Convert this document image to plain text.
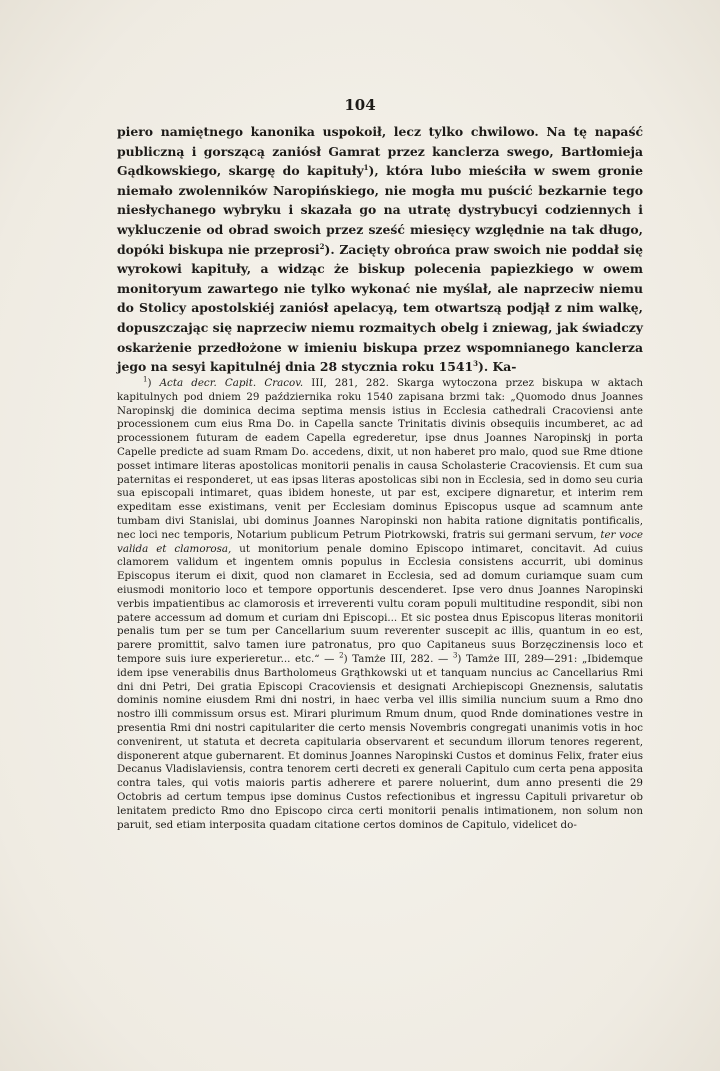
104
piero namiętnego kanonika uspokoił, lecz tylko chwilowo. Na tę napaść publiczną i gorszącą zaniósł Gamrat przez kanclerza swego, Bartłomieja Gądkowskiego, skargę do kapituły$^1$), która lubo mieściła w swem gronie niemało zwolenników Naropińskiego, nie mogła mu puścić bezkarnie tego niesłychanego wybryku i skazała go na utratę dystrybucyi codziennych i wykluczenie od obrad swoich przez sześć miesięcy względnie na tak długo, dopóki biskupa nie przeprosi$^2$). Zacięty obrońca praw swoich nie poddał się wyrokowi kapituły, a widząc że biskup polecenia papiezkiego w owem monitoryum zawartego nie tylko wykonać nie myślał, ale naprzeciw niemu do Stolicy apostolskiéj zaniósł apelacyą, tem otwartszą podjął z nim walkę, dopuszczając się naprzeciw niemu rozmaitych obelg i zniewag, jak świadczy oskarżenie przedłożone w imieniu biskupa przez wspomnianego kanclerza jego na sesyi kapitulnéj dnia 28 stycznia roku 1541$^3$). Ka-
$^1$) Acta decr. Capit. Cracov. III, 281, 282. Skarga wytoczona przez biskupa w aktach kapitulnych pod dniem 29 października roku 1540 zapisana brzmi tak: „Quomodo dnus Joannes Naropinskj die dominica decima septima mensis istius in Ecclesia cathedrali Cracoviensi ante processionem cum eius Rma Do. in Capella sancte Trinitatis divinis obsequiis incumberet, ac ad processionem futuram de eadem Capella egrederetur, ipse dnus Joannes Naropinskj in porta Capelle predicte ad suam Rmam Do. accedens, dixit, ut non haberet pro malo, quod sue Rme dtione posset intimare literas apostolicas monitorii penalis in causa Scholasterie Cracoviensis. Et cum sua paternitas ei responderet, ut eas ipsas literas apostolicas sibi non in Ecclesia, sed in domo seu curia sua episcopali intimaret, quas ibidem honeste, ut par est, excipere dignaretur, et interim rem expeditam esse existimans, venit per Ecclesiam dominus Episcopus usque ad scamnum ante tumbam divi Stanislai, ubi dominus Joannes Naropinski non habita ratione dignitatis pontificalis, nec loci nec temporis, Notarium publicum Petrum Piotrkowski, fratris sui germani servum, ter voce valida et clamorosa, ut monitorium penale domino Episcopo intimaret, concitavit. Ad cuius clamorem validum et ingentem omnis populus in Ecclesia consistens accurrit, ubi dominus Episcopus iterum ei dixit, quod non clamaret in Ecclesia, sed ad domum curiamque suam cum eiusmodi monitorio loco et tempore opportunis descenderet. Ipse vero dnus Joannes Naropinski verbis impatientibus ac clamorosis et irreverenti vultu coram populi multitudine respondit, sibi non patere accessum ad domum et curiam dni Episcopi... Et sic postea dnus Episcopus literas monitorii penalis tum per se tum per Cancellarium suum reverenter suscepit ac illis, quantum in eo est, parere promittit, salvo tamen iure patronatus, pro quo Capitaneus suus Borzęczinensis loco et tempore suis iure experieretur... etc.“ — $^2$) Tamże III, 282. — $^3$) Tamże III, 289—291: „Ibidemque idem ipse venerabilis dnus Bartholomeus Grąthkowski ut et tanquam nuncius ac Cancellarius Rmi dni dni Petri, Dei gratia Episcopi Cracoviensis et designati Archiepiscopi Gneznensis, salutatis dominis nomine eiusdem Rmi dni nostri, in haec verba vel illis similia nuncium suum a Rmo dno nostro illi commissum orsus est. Mirari plurimum Rmum dnum, quod Rnde dominationes vestre in presentia Rmi dni nostri capitulariter die certo mensis Novembris congregati unanimis votis in hoc convenirent, ut statuta et decreta capitularia observarent et secundum illorum tenores regerent, disponerent atque gubernarent. Et dominus Joannes Naropinski Custos et dominus Felix, frater eius Decanus Vladislaviensis, contra tenorem certi decreti ex generali Capitulo cum certa pena apposita contra tales, qui votis maioris partis adherere et parere noluerint, dum anno presenti die 29 Octobris ad certum tempus ipse dominus Custos refectionibus et ingressu Capituli privaretur ob lenitatem predicto Rmo dno Episcopo circa certi monitorii penalis intimationem, non solum non paruit, sed etiam interposita quadam citatione certos dominos de Capitulo, videlicet do-
